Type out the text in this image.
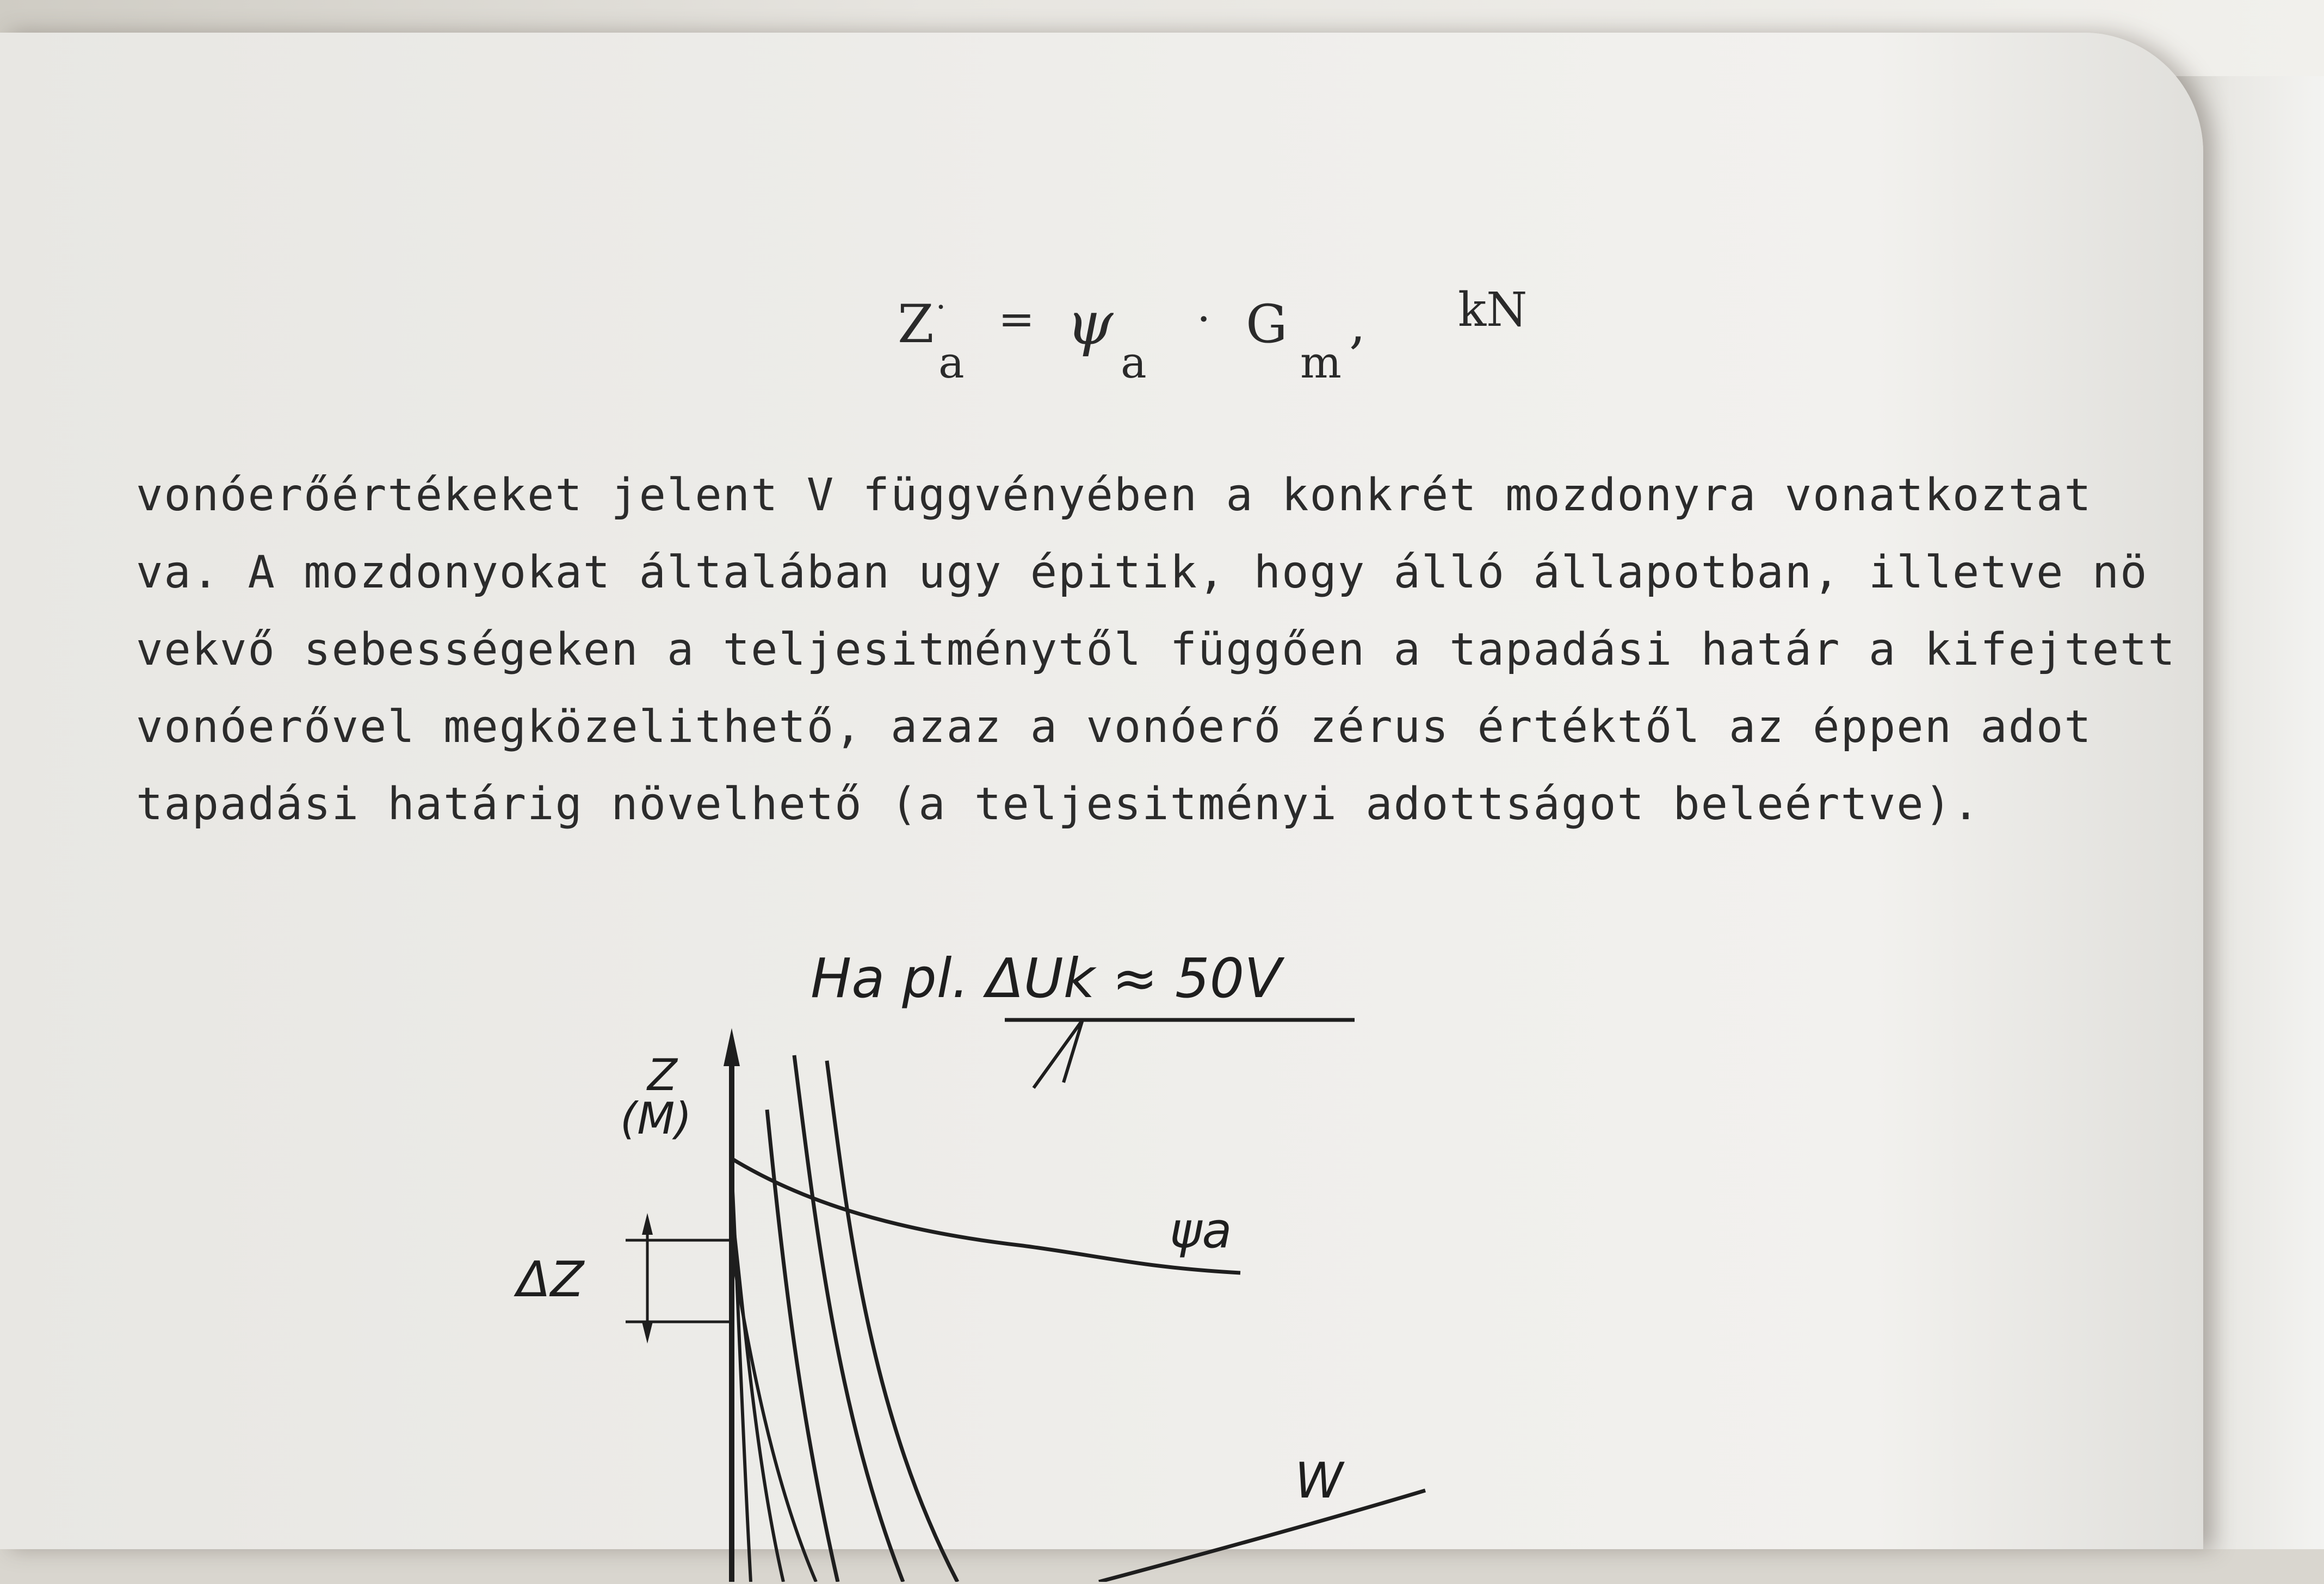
Z ·
a
= ψ
a
· G
m
, kN
vonóerőértékeket jelent V függvényében a konkrét mozdonyra vonatkoztat
va. A mozdonyokat általában ugy épitik, hogy álló állapotban, illetve nö
vekvő sebességeken a teljesitménytől függően a tapadási határ a kifejtett
vonóerővel megközelithető, azaz a vonóerő zérus értéktől az éppen adot
tapadási határig növelhető (a teljesitményi adottságot beleértve).
Ha pl. ΔUk ≈ 50V
Z
(M)
ΔZ
ψa
W
